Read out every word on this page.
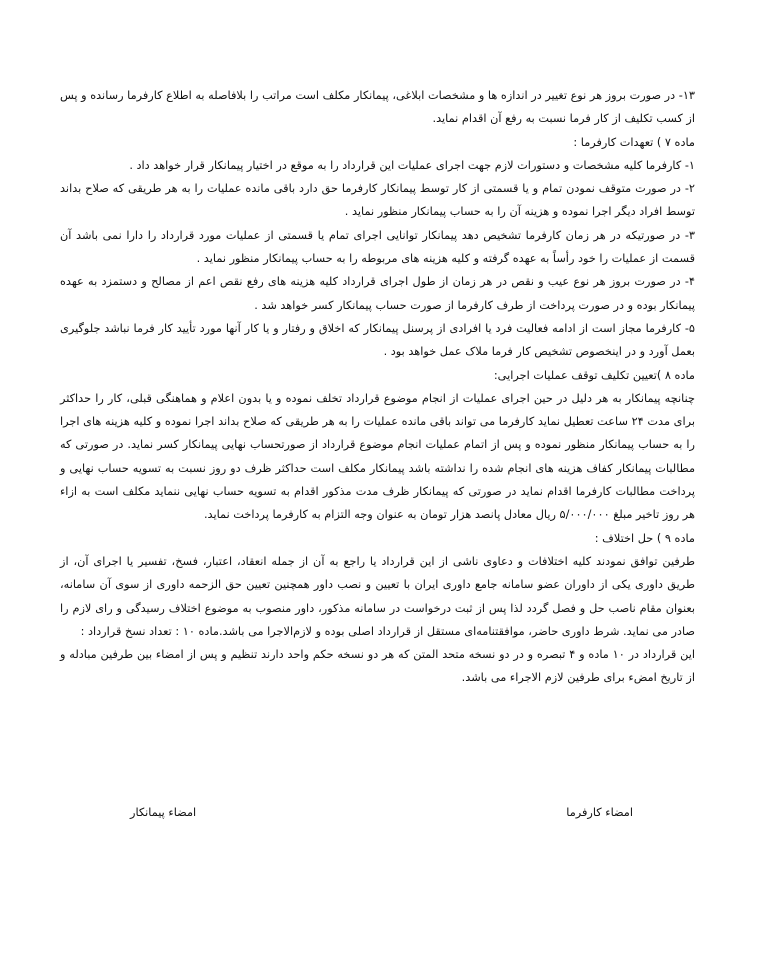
۱۳- در صورت بروز هر نوع تغییر در اندازه ها و مشخصات ابلاغی، پیمانکار مکلف است مراتب را بلافاصله به اطلاع کارفرما رسانده و پس از کسب تکلیف از کار فرما نسبت به رفع آن اقدام نماید.

ماده ۷ ) تعهدات کارفرما :

۱- کارفرما کلیه مشخصات و دستورات لازم جهت اجرای عملیات این قرارداد را به موقع در اختیار پیمانکار قرار خواهد داد .

۲- در صورت متوقف نمودن تمام و یا قسمتی از کار توسط پیمانکار کارفرما حق دارد باقی مانده عملیات را به هر طریقی که صلاح بداند توسط افراد دیگر اجرا نموده و هزینه آن را به حساب پیمانکار منظور نماید .

۳- در صورتیکه در هر زمان کارفرما تشخیص دهد پیمانکار توانایی اجرای تمام یا قسمتی از عملیات مورد قرارداد را دارا نمی باشد آن قسمت از عملیات را خود رأساً به عهده گرفته و کلیه هزینه های مربوطه را به حساب پیمانکار منظور نماید .

۴- در صورت بروز هر نوع عیب و نقص در هر زمان از طول اجرای قرارداد کلیه هزینه های رفع نقص اعم از مصالح و دستمزد به عهده پیمانکار بوده و در صورت پرداخت از طرف کارفرما از صورت حساب پیمانکار کسر خواهد شد .

۵- کارفرما مجاز است از ادامه فعالیت فرد یا افرادی از پرسنل پیمانکار که اخلاق و رفتار و یا کار آنها مورد تأیید کار فرما نباشد جلوگیری بعمل آورد و در اینخصوص تشخیص کار فرما ملاک عمل خواهد بود .

ماده ۸ )تعیین تکلیف توقف عملیات اجرایی:

چنانچه پیمانکار به هر دلیل در حین اجرای عملیات از انجام موضوع قرارداد تخلف نموده و یا بدون اعلام و هماهنگی قبلی، کار را حداکثر برای مدت ۲۴ ساعت تعطیل نماید کارفرما می تواند باقی مانده عملیات را به هر طریقی که صلاح بداند اجرا نموده و کلیه هزینه های اجرا را به حساب پیمانکار منظور نموده و پس از اتمام عملیات انجام موضوع قرارداد از صورتحساب نهایی پیمانکار کسر نماید. در صورتی که مطالبات پیمانکار کفاف هزینه های انجام شده را نداشته باشد پیمانکار مکلف است حداکثر ظرف دو روز نسبت به تسویه حساب نهایی و پرداخت مطالبات کارفرما اقدام نماید در صورتی که پیمانکار ظرف مدت مذکور اقدام به تسویه حساب نهایی ننماید مکلف است به ازاء هر روز تاخیر مبلغ ۵/۰۰۰/۰۰۰ ریال معادل پانصد هزار تومان به عنوان وجه التزام به کارفرما پرداخت نماید.

ماده ۹ ) حل اختلاف :

طرفین توافق نمودند کلیه اختلافات و دعاوی ناشی از این قرارداد یا راجع به آن از جمله انعقاد، اعتبار، فسخ، تفسیر یا اجرای آن، از طریق داوری یکی از داوران عضو سامانه جامع داوری ایران با تعیین و نصب داور همچنین تعیین حق الزحمه داوری از سوی آن سامانه، بعنوان مقام ناصب حل و فصل گردد لذا پس از ثبت درخواست در سامانه مذکور، داور منصوب به موضوع اختلاف رسیدگی و رای لازم را صادر می نماید. شرط داوری حاضر، موافقتنامه‌ای مستقل از قرارداد اصلی بوده و لازم‌الاجرا می باشد.ماده ۱۰ : تعداد نسخ قرارداد :

این قرارداد در ۱۰ ماده و ۴ تبصره و در دو نسخه متحد المتن که هر دو نسخه حکم واحد دارند تنظیم و پس از امضاء بین طرفین مبادله و از تاریخ امضء برای طرفین لازم الاجراء می باشد.

امضاء کارفرما
امضاء پیمانکار
